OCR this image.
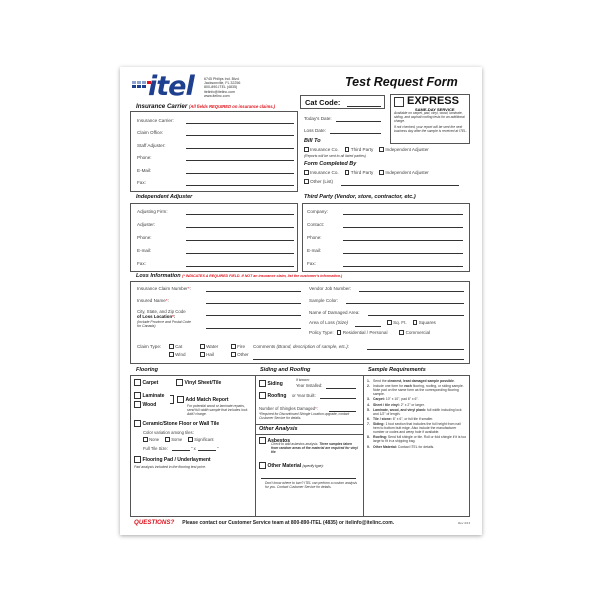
itel	6745 Philips Ind. Blvd.
Jacksonville, FL 32256
800-890-ITEL (4835)
itelinfo@itelinc.com
www.itelinc.com
Test Request Form
Insurance Carrier (All fields REQUIRED on insurance claims.)
Insurance Carrier:
Claim Office:
Staff Adjuster:
Phone:
E-Mail:
Fax:
Cat Code:	EXPRESS
SAME-DAY SERVICE
Available on carpet, pad, vinyl, wood, laminate, siding, and asphalt roofing tests for an additional charge.
If not checked, your report will be sent the next business day after the sample is received at ITEL.
Today's Date:
Loss Date:
Bill To
Insurance Co.	Third Party	Independent Adjuster
(Reports will be sent to all listed parties)
Form Completed By
Insurance Co.	Third Party	Independent Adjuster
Other (List)
Independent Adjuster
Adjusting Firm:
Adjuster:
Phone:
E-mail:
Fax:
Third Party (Vendor, store, contractor, etc.)
Company:
Contact:
Phone:
E-mail:
Fax:
Loss Information (* INDICATES A REQUIRED FIELD. If NOT an insurance claim, list the customer's information.)
Insurance Claim Number*:
Insured Name*:
City, State, and Zip Code
of Loss Location*:
(Include Province and Postal Code for Canada)
Vendor Job Number:
Sample Color:
Name of Damaged Area:
Area of Loss
(Size)	Sq. Ft.	Squares
Policy Type: Residential / Personal	Commercial
Claim Type:	Cat	Water	Fire
Wind	Hail	Other
Comments
(Brand, description of sample, etc.):
Flooring	Siding and Roofing	Sample Requirements
Carpet	Vinyl Sheet/Tile
Laminate
Wood
Add Match Report
For potential wood or laminate repairs, send full width sample that includes lock. Add'l charge.
Ceramic/Stone Floor or Wall Tile
Color variation among tiles:
None	Some	Significant
Full Tile Size:	" x	"
Flooring Pad / Underlayment
Pad analysis included in the flooring test price.
Siding
If known:
Year Installed:
Roofing or Year Built:
Number of Shingles Damaged*:
*Required for Discontinued Shingle Location upgrade, contact Customer Service for details.
Other Analysis
Asbestos
Check to add asbestos analysis. Three samples taken from random areas of the material are required for vinyl tile
Other Material
(specify type):
Don't know where to turn? ITEL can perform a custom analysis for you. Contact Customer Service for details.
1. Send the cleanest, least damaged sample possible.
2. Include one form for each flooring, roofing, or siding sample. Note pad on the same form as the corresponding flooring sample.
3. Carpet: 10" x 10", pad 6" x 6".
4. Sheet / tile vinyl: 2" x 2" or larger.
5. Laminate, wood, and vinyl plank: full width including lock and 1/2" of length.
6. Tile / stone: 6" x 6", or full tile if smaller.
7. Siding: 1 foot section that includes the full height from nail hem to bottom butt edge. Also include the manufacturer number or codes and weep hole if available.
8. Roofing: Send full shingle or tile. Roll or fold shingle if it is too large to fit in a shipping bag.
9. Other Material: Contact ITEL for details.
QUESTIONS? Please contact our Customer Service team at 800-890-ITEL (4835) or itelinfo@itelinc.com.	Rev 3/13
